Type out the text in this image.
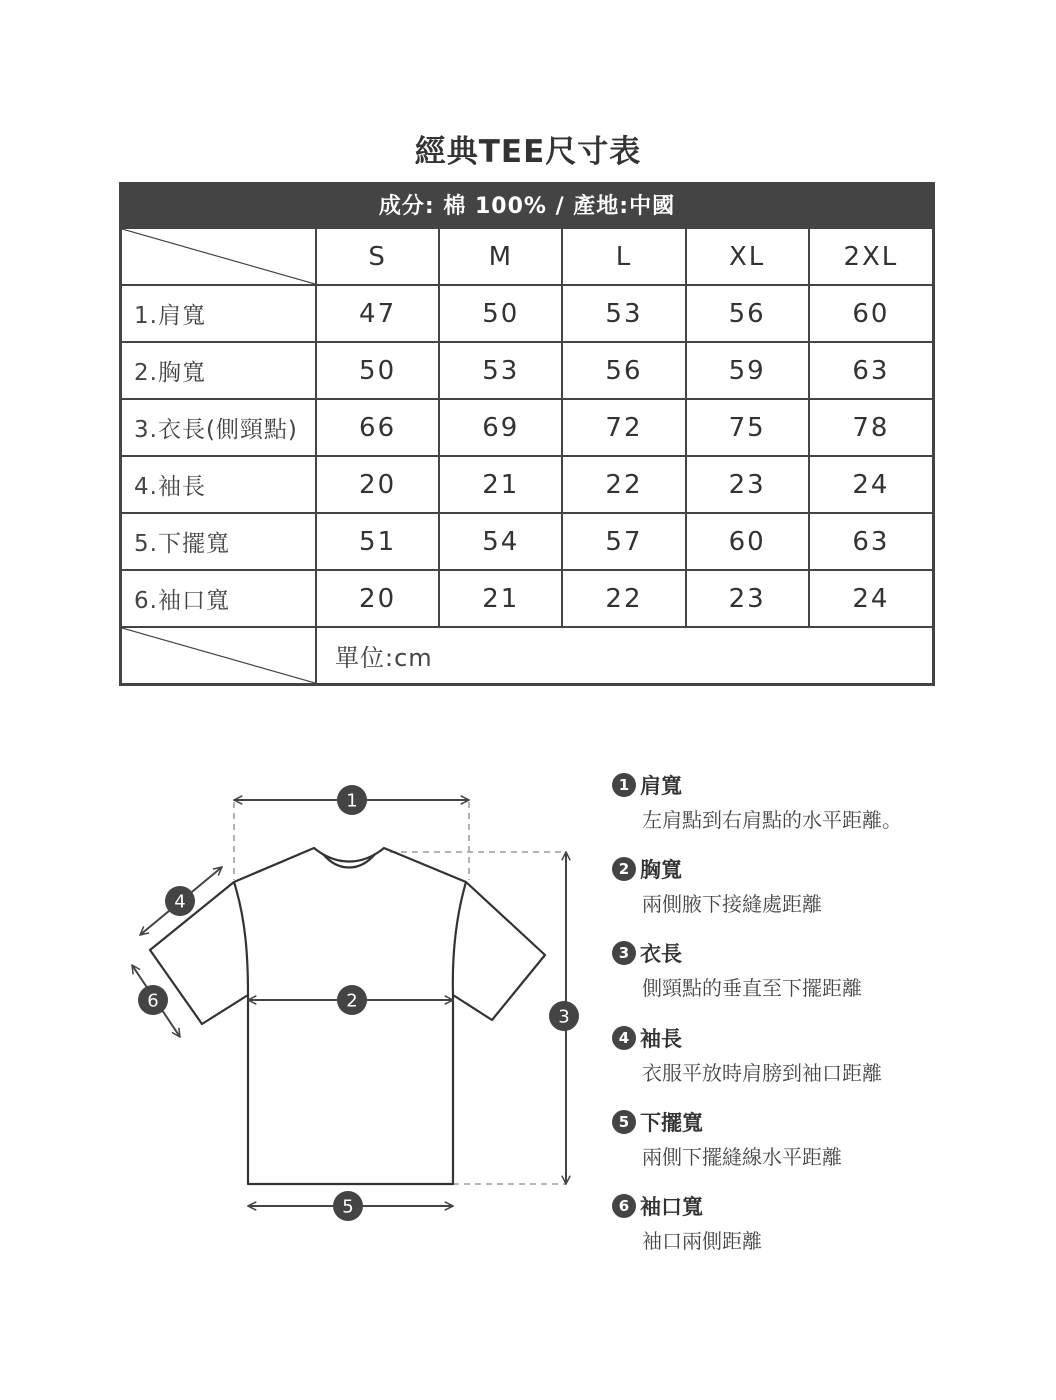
經典TEE尺寸表
成分: 棉 100% / 產地:中國
	S	M	L	XL	2XL
1.肩寬	47	50	53	56	60
2.胸寬	50	53	56	59	63
3.衣長(側頸點)	66	69	72	75	78
4.袖長	20	21	22	23	24
5.下擺寬	51	54	57	60	63
6.袖口寬	20	21	22	23	24

	單位:cm				
1
2
3
4
5
6
1 肩寬
左肩點到右肩點的水平距離。
2 胸寬
兩側腋下接縫處距離
3 衣長
側頸點的垂直至下擺距離
4 袖長
衣服平放時肩膀到袖口距離
5 下擺寬
兩側下擺縫線水平距離
6 袖口寬
袖口兩側距離
